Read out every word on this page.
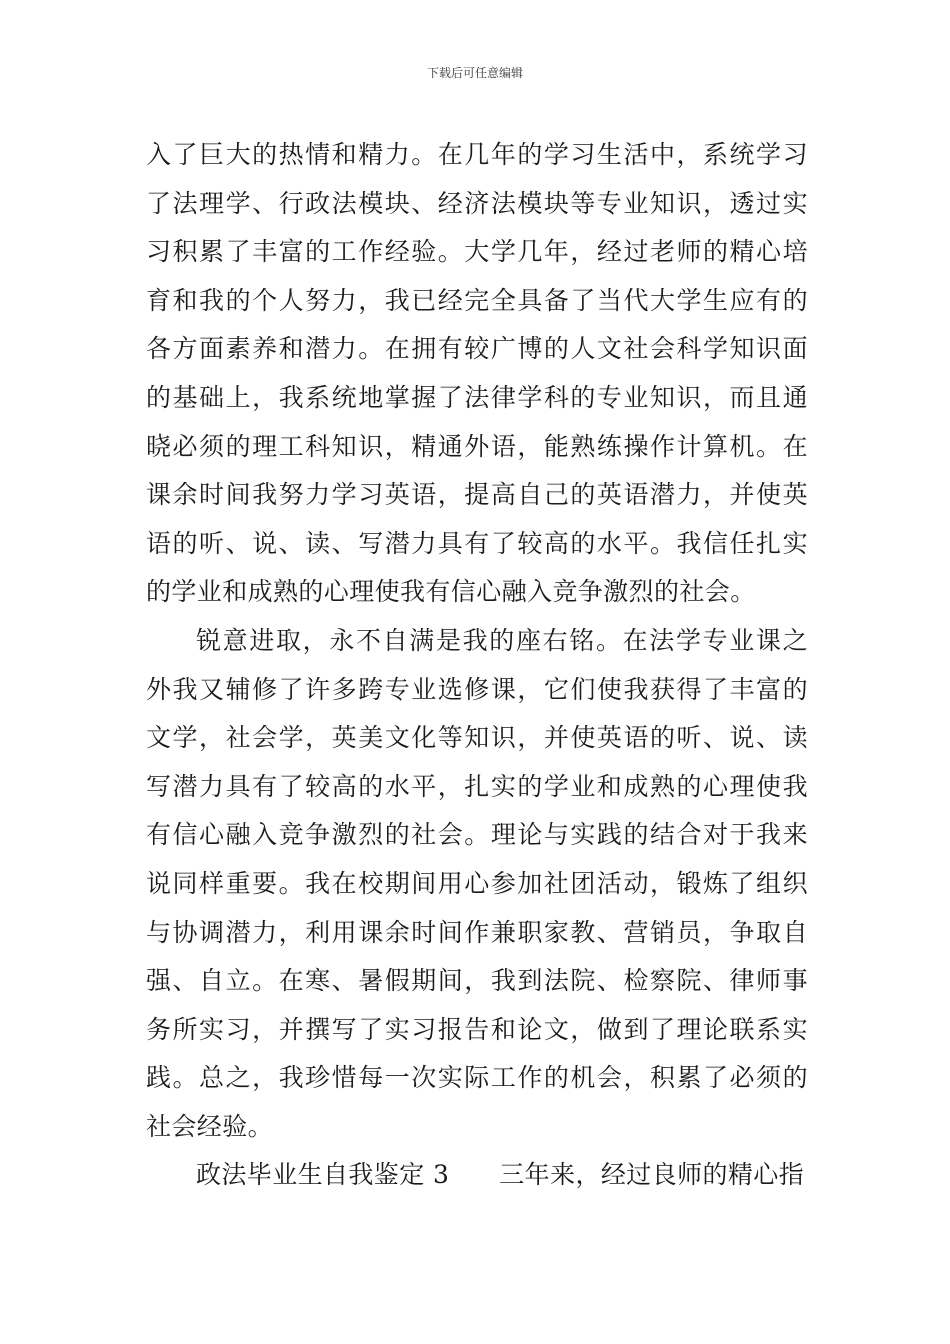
下载后可任意编辑
入了巨大的热情和精力。在几年的学习生活中，系统学习
了法理学、行政法模块、经济法模块等专业知识，透过实
习积累了丰富的工作经验。大学几年，经过老师的精心培
育和我的个人努力，我已经完全具备了当代大学生应有的
各方面素养和潜力。在拥有较广博的人文社会科学知识面
的基础上，我系统地掌握了法律学科的专业知识，而且通
晓必须的理工科知识，精通外语，能熟练操作计算机。在
课余时间我努力学习英语，提高自己的英语潜力，并使英
语的听、说、读、写潜力具有了较高的水平。我信任扎实
的学业和成熟的心理使我有信心融入竞争激烈的社会。
锐意进取，永不自满是我的座右铭。在法学专业课之
外我又辅修了许多跨专业选修课，它们使我获得了丰富的
文学，社会学，英美文化等知识，并使英语的听、说、读
写潜力具有了较高的水平，扎实的学业和成熟的心理使我
有信心融入竞争激烈的社会。理论与实践的结合对于我来
说同样重要。我在校期间用心参加社团活动，锻炼了组织
与协调潜力，利用课余时间作兼职家教、营销员，争取自
强、自立。在寒、暑假期间，我到法院、检察院、律师事
务所实习，并撰写了实习报告和论文，做到了理论联系实
践。总之，我珍惜每一次实际工作的机会，积累了必须的
社会经验。
政法毕业生自我鉴定 3 三年来，经过良师的精心指
